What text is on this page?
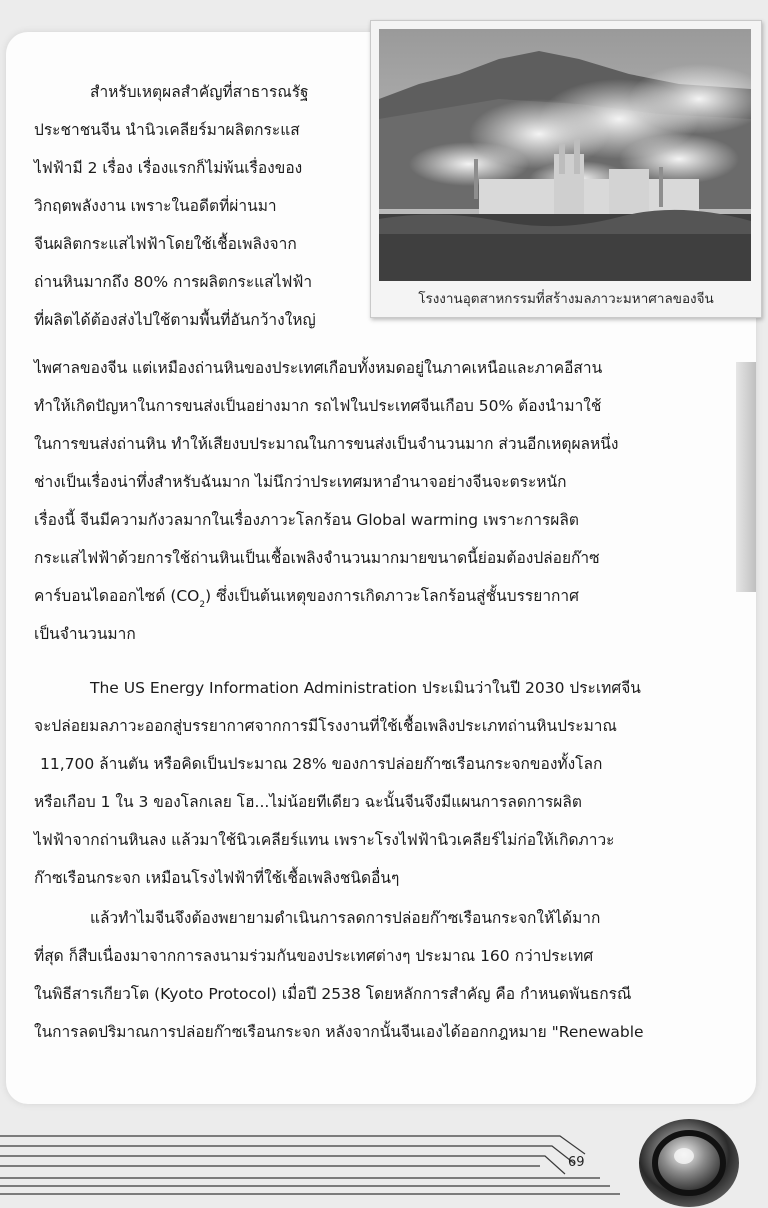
โรงงานอุตสาหกรรมที่สร้างมลภาวะมหาศาลของจีน
สำหรับเหตุผลสำคัญที่สาธารณรัฐ
ประชาชนจีน นำนิวเคลียร์มาผลิตกระแส
ไฟฟ้ามี 2 เรื่อง เรื่องแรกก็ไม่พ้นเรื่องของ
วิกฤตพลังงาน เพราะในอดีตที่ผ่านมา
จีนผลิตกระแสไฟฟ้าโดยใช้เชื้อเพลิงจาก
ถ่านหินมากถึง 80% การผลิตกระแสไฟฟ้า
ที่ผลิตได้ต้องส่งไปใช้ตามพื้นที่อันกว้างใหญ่
ไพศาลของจีน แต่เหมืองถ่านหินของประเทศเกือบทั้งหมดอยู่ในภาคเหนือและภาคอีสาน
ทำให้เกิดปัญหาในการขนส่งเป็นอย่างมาก รถไฟในประเทศจีนเกือบ 50% ต้องนำมาใช้
ในการขนส่งถ่านหิน ทำให้เสียงบประมาณในการขนส่งเป็นจำนวนมาก ส่วนอีกเหตุผลหนึ่ง
ช่างเป็นเรื่องน่าทึ่งสำหรับฉันมาก ไม่นึกว่าประเทศมหาอำนาจอย่างจีนจะตระหนัก
เรื่องนี้ จีนมีความกังวลมากในเรื่องภาวะโลกร้อน Global warming เพราะการผลิต
กระแสไฟฟ้าด้วยการใช้ถ่านหินเป็นเชื้อเพลิงจำนวนมากมายขนาดนี้ย่อมต้องปล่อยก๊าซ
คาร์บอนไดออกไซด์ $(CO_2)$ ซึ่งเป็นต้นเหตุของการเกิดภาวะโลกร้อนสู่ชั้นบรรยากาศ
เป็นจำนวนมาก
The US Energy Information Administration ประเมินว่าในปี 2030 ประเทศจีน
จะปล่อยมลภาวะออกสู่บรรยากาศจากการมีโรงงานที่ใช้เชื้อเพลิงประเภทถ่านหินประมาณ
11,700 ล้านตัน หรือคิดเป็นประมาณ 28% ของการปล่อยก๊าซเรือนกระจกของทั้งโลก
หรือเกือบ 1 ใน 3 ของโลกเลย โฮ...ไม่น้อยทีเดียว ฉะนั้นจีนจึงมีแผนการลดการผลิต
ไฟฟ้าจากถ่านหินลง แล้วมาใช้นิวเคลียร์แทน เพราะโรงไฟฟ้านิวเคลียร์ไม่ก่อให้เกิดภาวะ
ก๊าซเรือนกระจก เหมือนโรงไฟฟ้าที่ใช้เชื้อเพลิงชนิดอื่นๆ
แล้วทำไมจีนจึงต้องพยายามดำเนินการลดการปล่อยก๊าซเรือนกระจกให้ได้มาก
ที่สุด ก็สืบเนื่องมาจากการลงนามร่วมกันของประเทศต่างๆ ประมาณ 160 กว่าประเทศ
ในพิธีสารเกียวโต (Kyoto Protocol) เมื่อปี 2538 โดยหลักการสำคัญ คือ กำหนดพันธกรณี
ในการลดปริมาณการปล่อยก๊าซเรือนกระจก หลังจากนั้นจีนเองได้ออกกฎหมาย "Renewable
69
